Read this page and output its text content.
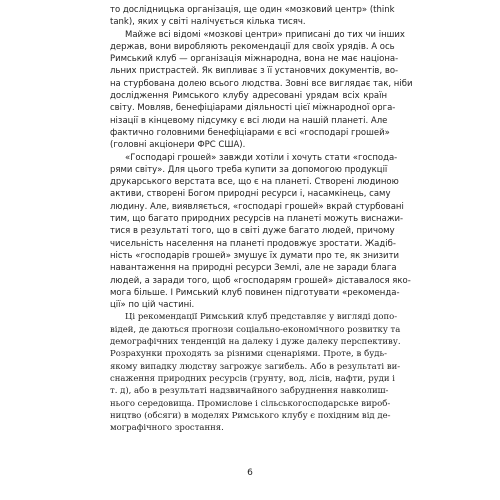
то дослідницька організація, ще один «мозковий центр» (think
tank), яких у світі налічується кілька тисяч.

Майже всі відомі «мозкові центри» приписані до тих чи інших
держав, вони виробляють рекомендації для своїх урядів. А ось
Римський клуб — організація міжнародна, вона не має націона-
льних пристрастей. Як випливає з її установчих документів, во-
на стурбована долею всього людства. Зовні все виглядає так, ніби
дослідження Римського клубу адресовані урядам всіх країн
світу. Мовляв, бенефіціарами діяльності цієї міжнародної орга-
нізації в кінцевому підсумку є всі люди на нашій планеті. Але
фактично головними бенефіціарами є всі «господарі грошей»
(головні акціонери ФРС США).

«Господарі грошей» завжди хотіли і хочуть стати «господа-
рями світу». Для цього треба купити за допомогою продукції
друкарського верстата все, що є на планеті. Створені людиною
активи, створені Богом природні ресурси і, насамкінець, саму
людину. Але, виявляється, «господарі грошей» вкрай стурбовані
тим, що багато природних ресурсів на планеті можуть виснажи-
тися в результаті того, що в світі дуже багато людей, причому
чисельність населення на планеті продовжує зростати. Жадіб-
ність «господарів грошей» змушує їх думати про те, як знизити
навантаження на природні ресурси Землі, але не заради блага
людей, а заради того, щоб «господарям грошей» діставалося яко-
мога більше. І Римський клуб повинен підготувати «рекоменда-
ції» по цій частині.

Ці рекомендації Римський клуб представляє у вигляді допо-
відей, де даються прогнози соціально-економічного розвитку та
демографічних тенденцій на далеку і дуже далеку перспективу.
Розрахунки проходять за різними сценаріями. Проте, в будь-
якому випадку людству загрожує загибель. Або в результаті ви-
снаження природних ресурсів (грунту, вод, лісів, нафти, руди і
т. д), або в результаті надзвичайного забруднення навколиш-
нього середовища. Промислове і сільськогосподарське вироб-
ництво (обсяги) в моделях Римського клубу є похідним від де-
мографічного зростання.

6
